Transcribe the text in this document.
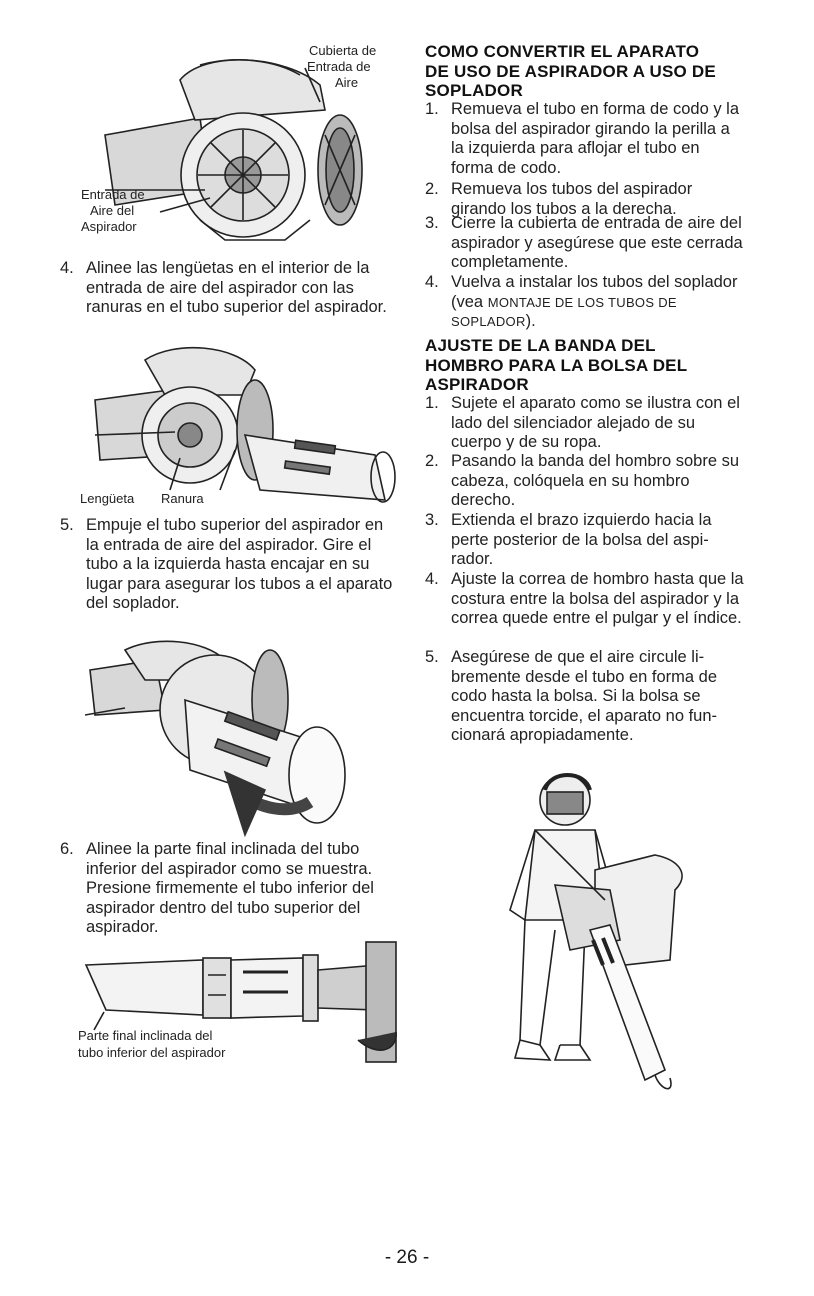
Cubierta de
Entrada de
Aire
Entrada de
Aire del
Aspirador
4. Alinee las lengüetas en el interior de la entrada de aire del aspirador con las ranuras en el tubo superior del aspirador.
Lengüeta Ranura
5. Empuje el tubo superior del aspirador en la entrada de aire del aspirador. Gire el tubo a la izquierda hasta encajar en su lugar para asegurar los tubos a el aparato del soplador.
6. Alinee la parte final inclinada del tubo inferior del aspirador como se muestra. Presione firmemente el tubo inferior del aspirador dentro del tubo superior del aspirador.
Parte final inclinada del
tubo inferior del aspirador
COMO CONVERTIR EL APARATO
DE USO DE ASPIRADOR A USO DE
SOPLADOR
1. Remueva el tubo en forma de codo y la bolsa del aspirador girando la perilla a la izquierda para aflojar el tubo en forma de codo.
2. Remueva los tubos del aspirador girando los tubos a la derecha.
3. Cierre la cubierta de entrada de aire del aspirador y asegúrese que este cerrada completamente.
4. Vuelva a instalar los tubos del soplador (vea MONTAJE DE LOS TUBOS DE SOPLADOR).
AJUSTE DE LA BANDA DEL
HOMBRO PARA LA BOLSA DEL
ASPIRADOR
1. Sujete el aparato como se ilustra con el lado del silenciador alejado de su cuerpo y de su ropa.
2. Pasando la banda del hombro sobre su cabeza, colóquela en su hombro derecho.
3. Extienda el brazo izquierdo hacia la perte posterior de la bolsa del aspi- rador.
4. Ajuste la correa de hombro hasta que la costura entre la bolsa del aspirador y la correa quede entre el pulgar y el índice.
5. Asegúrese de que el aire circule li- bremente desde el tubo en forma de codo hasta la bolsa. Si la bolsa se encuentra torcide, el aparato no fun- cionará apropiadamente.
- 26 -
